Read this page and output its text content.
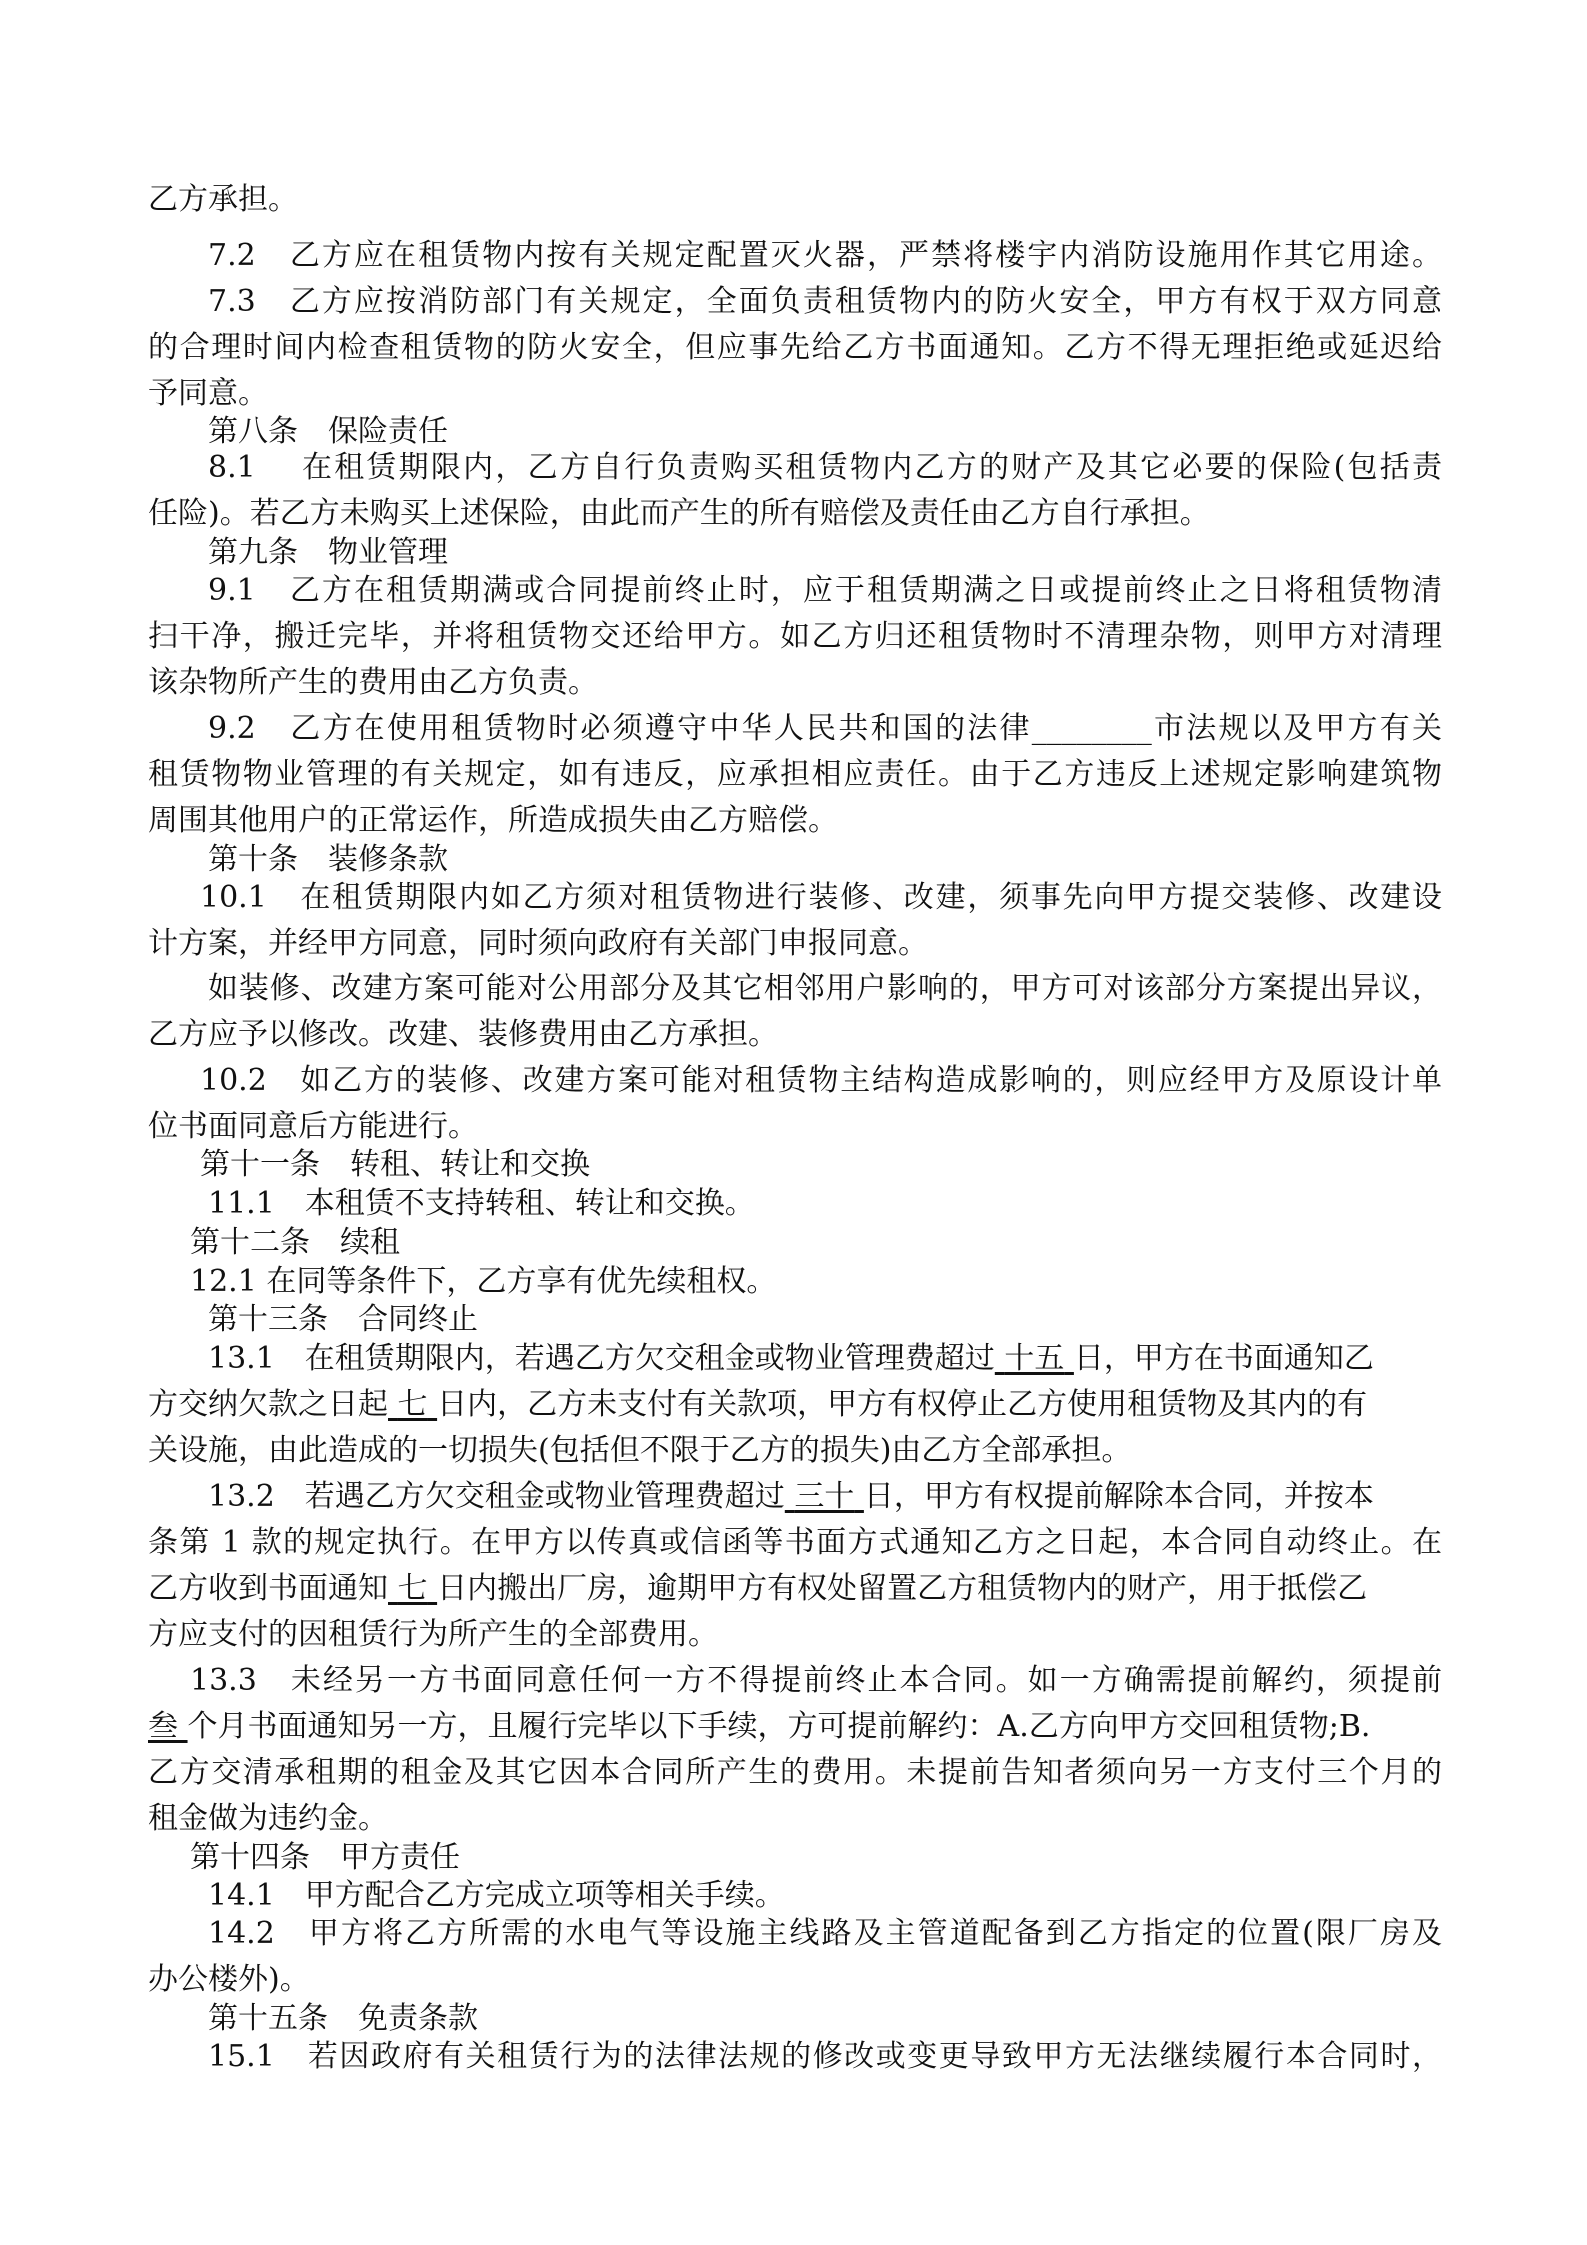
乙方承担。

7.2　乙方应在租赁物内按有关规定配置灭火器，严禁将楼宇内消防设施用作其它用途。

7.3　乙方应按消防部门有关规定，全面负责租赁物内的防火安全，甲方有权于双方同意

的合理时间内检查租赁物的防火安全，但应事先给乙方书面通知。乙方不得无理拒绝或延迟给

予同意。

第八条　保险责任

8.1　 在租赁期限内，乙方自行负责购买租赁物内乙方的财产及其它必要的保险(包括责

任险)。若乙方未购买上述保险，由此而产生的所有赔偿及责任由乙方自行承担。

第九条　物业管理

9.1　乙方在租赁期满或合同提前终止时，应于租赁期满之日或提前终止之日将租赁物清

扫干净，搬迁完毕，并将租赁物交还给甲方。如乙方归还租赁物时不清理杂物，则甲方对清理

该杂物所产生的费用由乙方负责。

9.2　乙方在使用租赁物时必须遵守中华人民共和国的法律________市法规以及甲方有关

租赁物物业管理的有关规定，如有违反，应承担相应责任。由于乙方违反上述规定影响建筑物

周围其他用户的正常运作，所造成损失由乙方赔偿。

第十条　装修条款

10.1　在租赁期限内如乙方须对租赁物进行装修、改建，须事先向甲方提交装修、改建设

计方案，并经甲方同意，同时须向政府有关部门申报同意。

如装修、改建方案可能对公用部分及其它相邻用户影响的，甲方可对该部分方案提出异议，

乙方应予以修改。改建、装修费用由乙方承担。

10.2　如乙方的装修、改建方案可能对租赁物主结构造成影响的，则应经甲方及原设计单

位书面同意后方能进行。

第十一条　转租、转让和交换

11.1　本租赁不支持转租、转让和交换。

第十二条　续租

12.1 在同等条件下，乙方享有优先续租权。

第十三条　合同终止

13.1　在租赁期限内，若遇乙方欠交租金或物业管理费超过 十五 日，甲方在书面通知乙

方交纳欠款之日起 七 日内，乙方未支付有关款项，甲方有权停止乙方使用租赁物及其内的有

关设施，由此造成的一切损失(包括但不限于乙方的损失)由乙方全部承担。

13.2　若遇乙方欠交租金或物业管理费超过 三十 日，甲方有权提前解除本合同，并按本

条第 1 款的规定执行。在甲方以传真或信函等书面方式通知乙方之日起，本合同自动终止。在

乙方收到书面通知 七 日内搬出厂房，逾期甲方有权处留置乙方租赁物内的财产，用于抵偿乙

方应支付的因租赁行为所产生的全部费用。

13.3　未经另一方书面同意任何一方不得提前终止本合同。如一方确需提前解约，须提前

叁 个月书面通知另一方，且履行完毕以下手续，方可提前解约：A.乙方向甲方交回租赁物;B.

乙方交清承租期的租金及其它因本合同所产生的费用。未提前告知者须向另一方支付三个月的

租金做为违约金。

第十四条　甲方责任

14.1　甲方配合乙方完成立项等相关手续。

14.2　甲方将乙方所需的水电气等设施主线路及主管道配备到乙方指定的位置(限厂房及

办公楼外)。

第十五条　免责条款

15.1　若因政府有关租赁行为的法律法规的修改或变更导致甲方无法继续履行本合同时，
